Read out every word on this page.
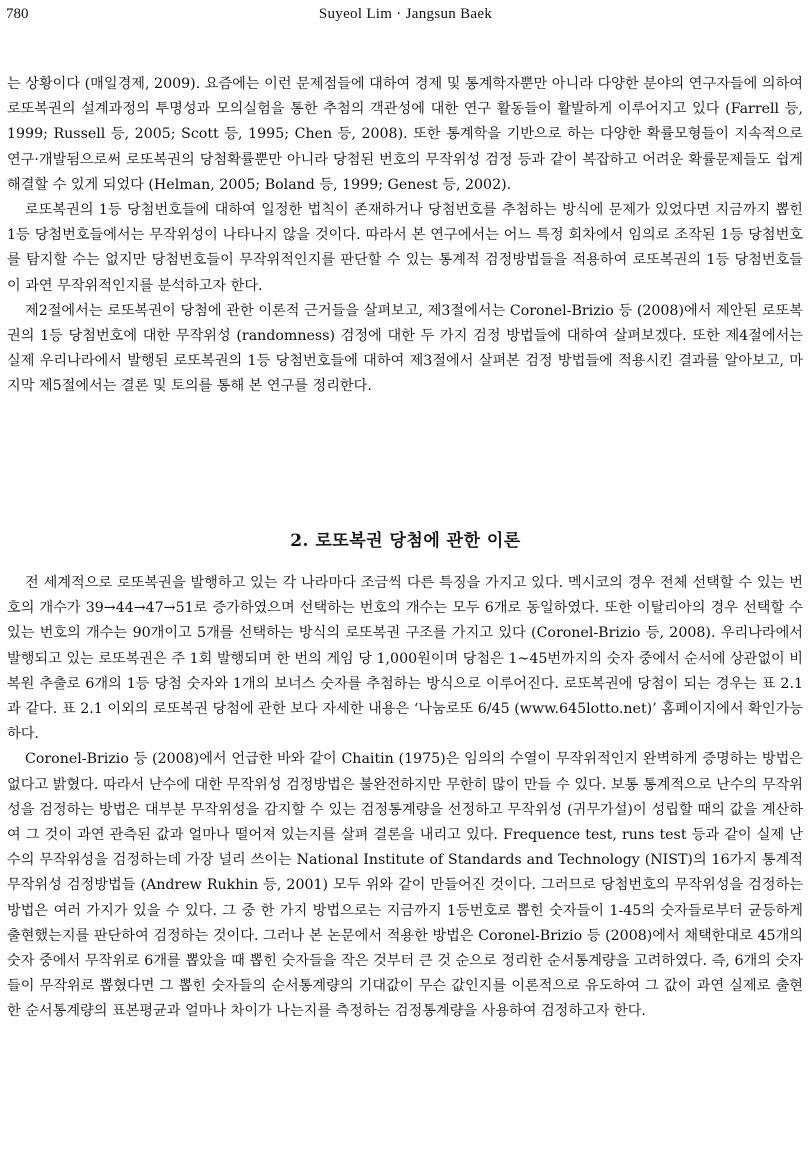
780	Suyeol Lim · Jangsun Baek

는 상황이다 (매일경제, 2009). 요즘에는 이런 문제점들에 대하여 경제 및 통계학자뿐만 아니라 다양한 분야의 연구자들에 의하여 로또복권의 설계과정의 투명성과 모의실험을 통한 추첨의 객관성에 대한 연구 활동들이 활발하게 이루어지고 있다 (Farrell 등, 1999; Russell 등, 2005; Scott 등, 1995; Chen 등, 2008). 또한 통계학을 기반으로 하는 다양한 확률모형들이 지속적으로 연구·개발됨으로써 로또복권의 당첨확률뿐만 아니라 당첨된 번호의 무작위성 검정 등과 같이 복잡하고 어려운 확률문제들도 쉽게 해결할 수 있게 되었다 (Helman, 2005; Boland 등, 1999; Genest 등, 2002).

로또복권의 1등 당첨번호들에 대하여 일정한 법칙이 존재하거나 당첨번호를 추첨하는 방식에 문제가 있었다면 지금까지 뽑힌 1등 당첨번호들에서는 무작위성이 나타나지 않을 것이다. 따라서 본 연구에서는 어느 특정 회차에서 임의로 조작된 1등 당첨번호를 탐지할 수는 없지만 당첨번호들이 무작위적인지를 판단할 수 있는 통계적 검정방법들을 적용하여 로또복권의 1등 당첨번호들이 과연 무작위적인지를 분석하고자 한다.

제2절에서는 로또복권이 당첨에 관한 이론적 근거들을 살펴보고, 제3절에서는 Coronel-Brizio 등 (2008)에서 제안된 로또복권의 1등 당첨번호에 대한 무작위성 (randomness) 검정에 대한 두 가지 검정 방법들에 대하여 살펴보겠다. 또한 제4절에서는 실제 우리나라에서 발행된 로또복권의 1등 당첨번호들에 대하여 제3절에서 살펴본 검정 방법들에 적용시킨 결과를 알아보고, 마지막 제5절에서는 결론 및 토의를 통해 본 연구를 정리한다.

2. 로또복권 당첨에 관한 이론

전 세계적으로 로또복권을 발행하고 있는 각 나라마다 조금씩 다른 특징을 가지고 있다. 멕시코의 경우 전체 선택할 수 있는 번호의 개수가 39→44→47→51로 증가하였으며 선택하는 번호의 개수는 모두 6개로 동일하였다. 또한 이탈리아의 경우 선택할 수 있는 번호의 개수는 90개이고 5개를 선택하는 방식의 로또복권 구조를 가지고 있다 (Coronel-Brizio 등, 2008). 우리나라에서 발행되고 있는 로또복권은 주 1회 발행되며 한 번의 게임 당 1,000원이며 당첨은 1~45번까지의 숫자 중에서 순서에 상관없이 비복원 추출로 6개의 1등 당첨 숫자와 1개의 보너스 숫자를 추첨하는 방식으로 이루어진다. 로또복권에 당첨이 되는 경우는 표 2.1과 같다. 표 2.1 이외의 로또복권 당첨에 관한 보다 자세한 내용은 ‘나눔로또 6/45 (www.645lotto.net)’ 홈페이지에서 확인가능하다.

Coronel-Brizio 등 (2008)에서 언급한 바와 같이 Chaitin (1975)은 임의의 수열이 무작위적인지 완벽하게 증명하는 방법은 없다고 밝혔다. 따라서 난수에 대한 무작위성 검정방법은 불완전하지만 무한히 많이 만들 수 있다. 보통 통계적으로 난수의 무작위성을 검정하는 방법은 대부분 무작위성을 감지할 수 있는 검정통계량을 선정하고 무작위성 (귀무가설)이 성립할 때의 값을 계산하여 그 것이 과연 관측된 값과 얼마나 떨어져 있는지를 살펴 결론을 내리고 있다. Frequence test, runs test 등과 같이 실제 난수의 무작위성을 검정하는데 가장 널리 쓰이는 National Institute of Standards and Technology (NIST)의 16가지 통계적 무작위성 검정방법들 (Andrew Rukhin 등, 2001) 모두 위와 같이 만들어진 것이다. 그러므로 당첨번호의 무작위성을 검정하는 방법은 여러 가지가 있을 수 있다. 그 중 한 가지 방법으로는 지금까지 1등번호로 뽑힌 숫자들이 1-45의 숫자들로부터 균등하게 출현했는지를 판단하여 검정하는 것이다. 그러나 본 논문에서 적용한 방법은 Coronel-Brizio 등 (2008)에서 채택한대로 45개의 숫자 중에서 무작위로 6개를 뽑았을 때 뽑힌 숫자들을 작은 것부터 큰 것 순으로 정리한 순서통계량을 고려하였다. 즉, 6개의 숫자들이 무작위로 뽑혔다면 그 뽑힌 숫자들의 순서통계량의 기대값이 무슨 값인지를 이론적으로 유도하여 그 값이 과연 실제로 출현한 순서통계량의 표본평균과 얼마나 차이가 나는지를 측정하는 검정통계량을 사용하여 검정하고자 한다.
